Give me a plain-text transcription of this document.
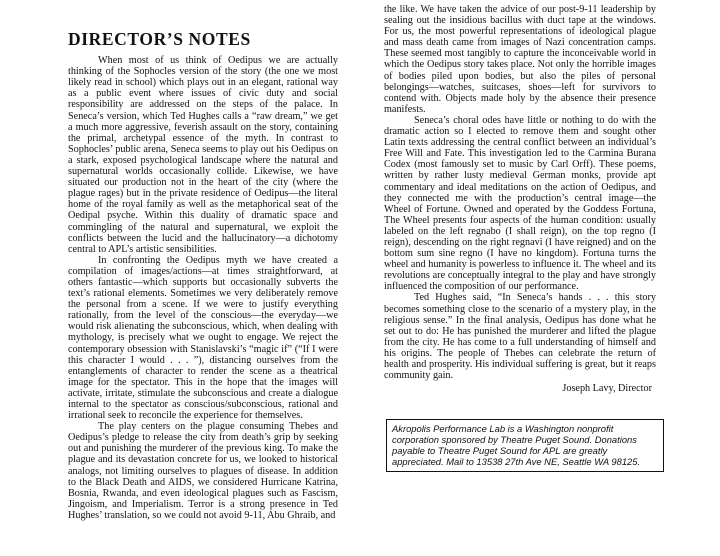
DIRECTOR’S NOTES

When most of us think of Oedipus we are actually thinking of the Sophocles version of the story (the one we most likely read in school) which plays out in an elegant, rational way as a public event where issues of civic duty and social responsibility are addressed on the steps of the palace. In Seneca’s version, which Ted Hughes calls a “raw dream,” we get a much more aggressive, feverish assault on the story, containing the primal, archetypal essence of the myth. In contrast to Sophocles’ public arena, Seneca seems to play out his Oedipus on a stark, exposed psychological landscape where the natural and supernatural worlds occasionally collide. Likewise, we have situated our production not in the heart of the city (where the plague rages) but in the private residence of Oedipus—the literal home of the royal family as well as the metaphorical seat of the Oedipal psyche. Within this duality of dramatic space and commingling of the natural and supernatural, we exploit the conflicts between the lucid and the hallucinatory—a dichotomy central to APL’s artistic sensibilities.

In confronting the Oedipus myth we have created a compilation of images/actions—at times straightforward, at others fantastic—which supports but occasionally subverts the text’s rational elements. Sometimes we very deliberately remove the personal from a scene. If we were to justify everything rationally, from the level of the conscious—the everyday—we would risk alienating the subconscious, which, when dealing with mythology, is precisely what we ought to engage. We reject the contemporary obsession with Stanislavski’s “magic if” (“If I were this character I would . . . ”), distancing ourselves from the entanglements of character to render the scene as a theatrical image for the spectator. This in the hope that the images will activate, irritate, stimulate the subconscious and create a dialogue internal to the spectator as conscious/subconscious, rational and irrational seek to reconcile the experience for themselves.

The play centers on the plague consuming Thebes and Oedipus’s pledge to release the city from death’s grip by seeking out and punishing the murderer of the previous king. To make the plague and its devastation concrete for us, we looked to historical analogs, not limiting ourselves to plagues of disease. In addition to the Black Death and AIDS, we considered Hurricane Katrina, Bosnia, Rwanda, and even ideological plagues such as Fascism, Jingoism, and Imperialism. Terror is a strong presence in Ted Hughes’ translation, so we could not avoid 9-11, Abu Ghraib, and

the like. We have taken the advice of our post-9-11 leadership by sealing out the insidious bacillus with duct tape at the windows. For us, the most powerful representations of ideological plague and mass death came from images of Nazi concentration camps. These seemed most tangibly to capture the inconceivable world in which the Oedipus story takes place. Not only the horrible images of bodies piled upon bodies, but also the piles of personal belongings—watches, suitcases, shoes—left for survivors to contend with. Objects made holy by the absence their presence manifests.

Seneca’s choral odes have little or nothing to do with the dramatic action so I elected to remove them and sought other Latin texts addressing the central conflict between an individual’s Free Will and Fate. This investigation led to the Carmina Burana Codex (most famously set to music by Carl Orff). These poems, written by rather lusty medieval German monks, provide apt commentary and ideal meditations on the action of Oedipus, and they connected me with the production’s central image—the Wheel of Fortune. Owned and operated by the Goddess Fortuna, The Wheel presents four aspects of the human condition: usually labeled on the left regnabo (I shall reign), on the top regno (I reign), descending on the right regnavi (I have reigned) and on the bottom sum sine regno (I have no kingdom). Fortuna turns the wheel and humanity is powerless to influence it. The wheel and its revolutions are conceptually integral to the play and have strongly influenced the composition of our performance.

Ted Hughes said, “In Seneca’s hands . . . this story becomes something close to the scenario of a mystery play, in the religious sense.” In the final analysis, Oedipus has done what he set out to do: He has punished the murderer and lifted the plague from the city. He has come to a full understanding of himself and his origins. The people of Thebes can celebrate the return of health and prosperity. His individual suffering is great, but it reaps community gain.

Joseph Lavy, Director
Akropolis Performance Lab is a Washington nonprofit corporation sponsored by Theatre Puget Sound. Donations payable to Theatre Puget Sound for APL are greatly appreciated. Mail to 13538 27th Ave NE, Seattle WA 98125.
